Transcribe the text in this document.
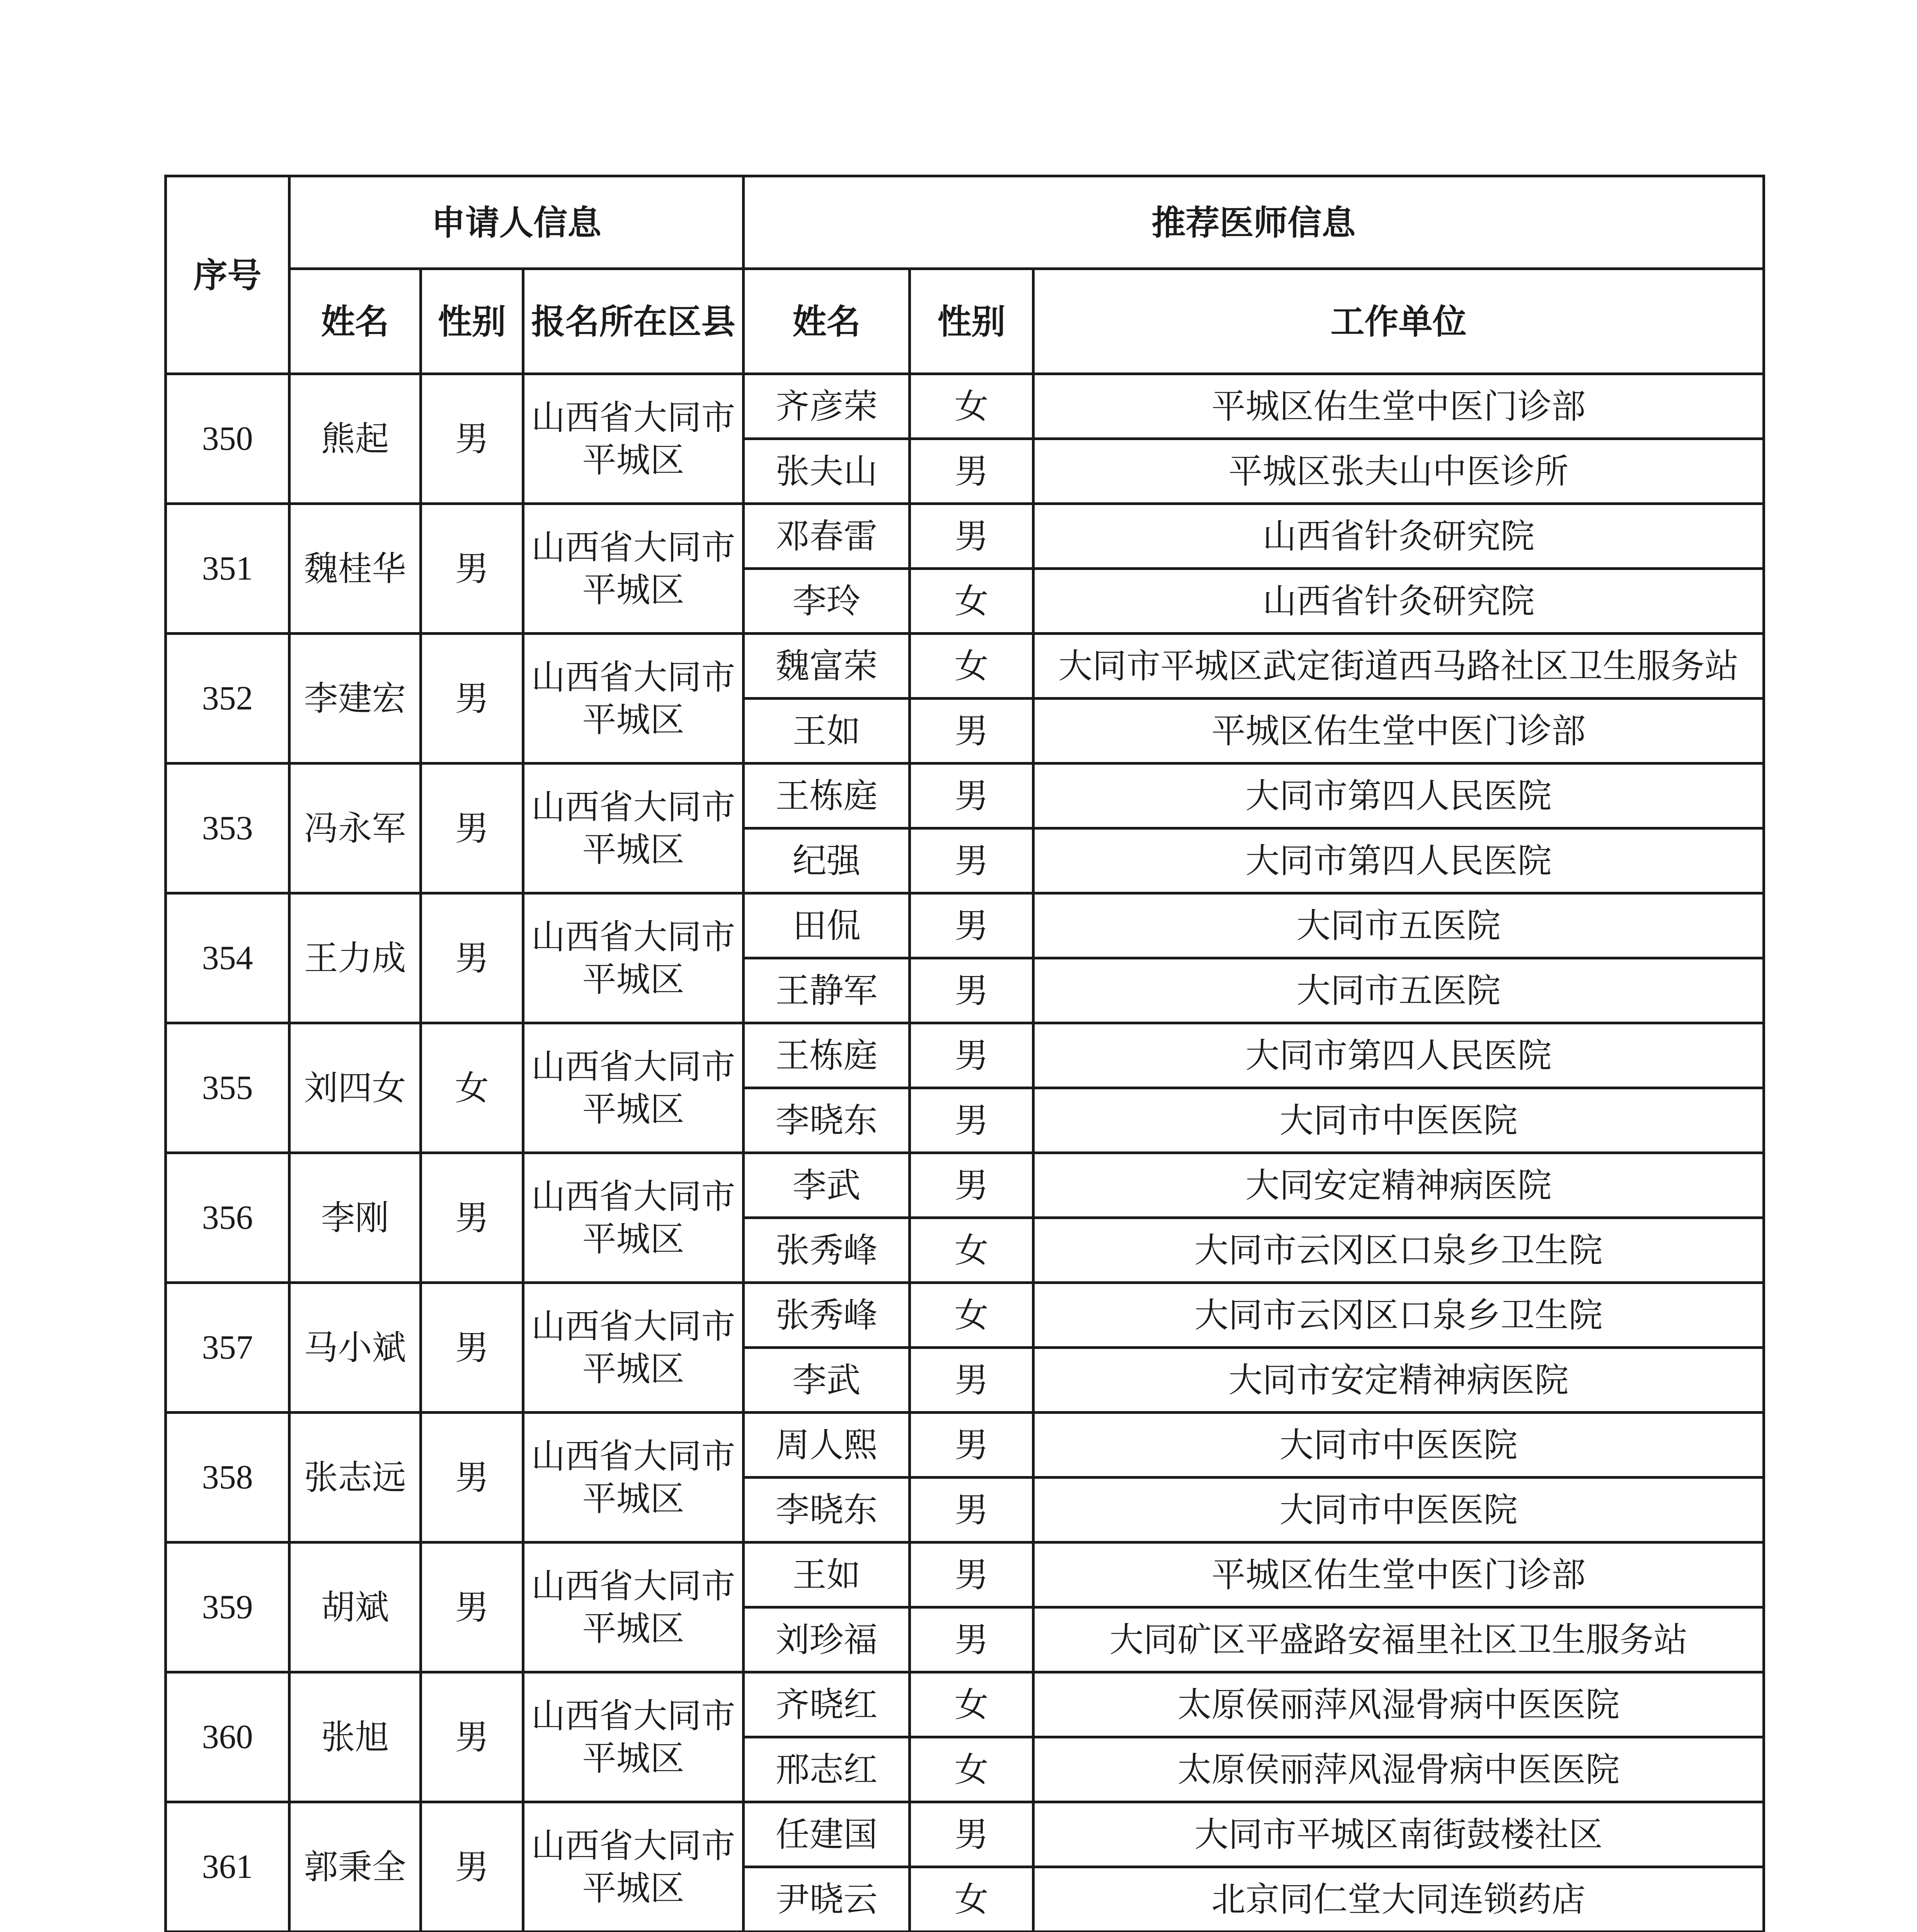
序号	申请人信息			推荐医师信息		
	姓名	性别	报名所在区县	姓名	性别	工作单位
350	熊起	男	山西省大同市平城区	齐彦荣	女	平城区佑生堂中医门诊部
				张夫山	男	平城区张夫山中医诊所
351	魏桂华	男	山西省大同市平城区	邓春雷	男	山西省针灸研究院
				李玲	女	山西省针灸研究院
352	李建宏	男	山西省大同市平城区	魏富荣	女	大同市平城区武定街道西马路社区卫生服务站
				王如	男	平城区佑生堂中医门诊部
353	冯永军	男	山西省大同市平城区	王栋庭	男	大同市第四人民医院
				纪强	男	大同市第四人民医院
354	王力成	男	山西省大同市平城区	田侃	男	大同市五医院
				王静军	男	大同市五医院
355	刘四女	女	山西省大同市平城区	王栋庭	男	大同市第四人民医院
				李晓东	男	大同市中医医院
356	李刚	男	山西省大同市平城区	李武	男	大同安定精神病医院
				张秀峰	女	大同市云冈区口泉乡卫生院
357	马小斌	男	山西省大同市平城区	张秀峰	女	大同市云冈区口泉乡卫生院
				李武	男	大同市安定精神病医院
358	张志远	男	山西省大同市平城区	周人熙	男	大同市中医医院
				李晓东	男	大同市中医医院
359	胡斌	男	山西省大同市平城区	王如	男	平城区佑生堂中医门诊部
				刘珍福	男	大同矿区平盛路安福里社区卫生服务站
360	张旭	男	山西省大同市平城区	齐晓红	女	太原侯丽萍风湿骨病中医医院
				邢志红	女	太原侯丽萍风湿骨病中医医院
361	郭秉全	男	山西省大同市平城区	任建国	男	大同市平城区南街鼓楼社区
				尹晓云	女	北京同仁堂大同连锁药店
